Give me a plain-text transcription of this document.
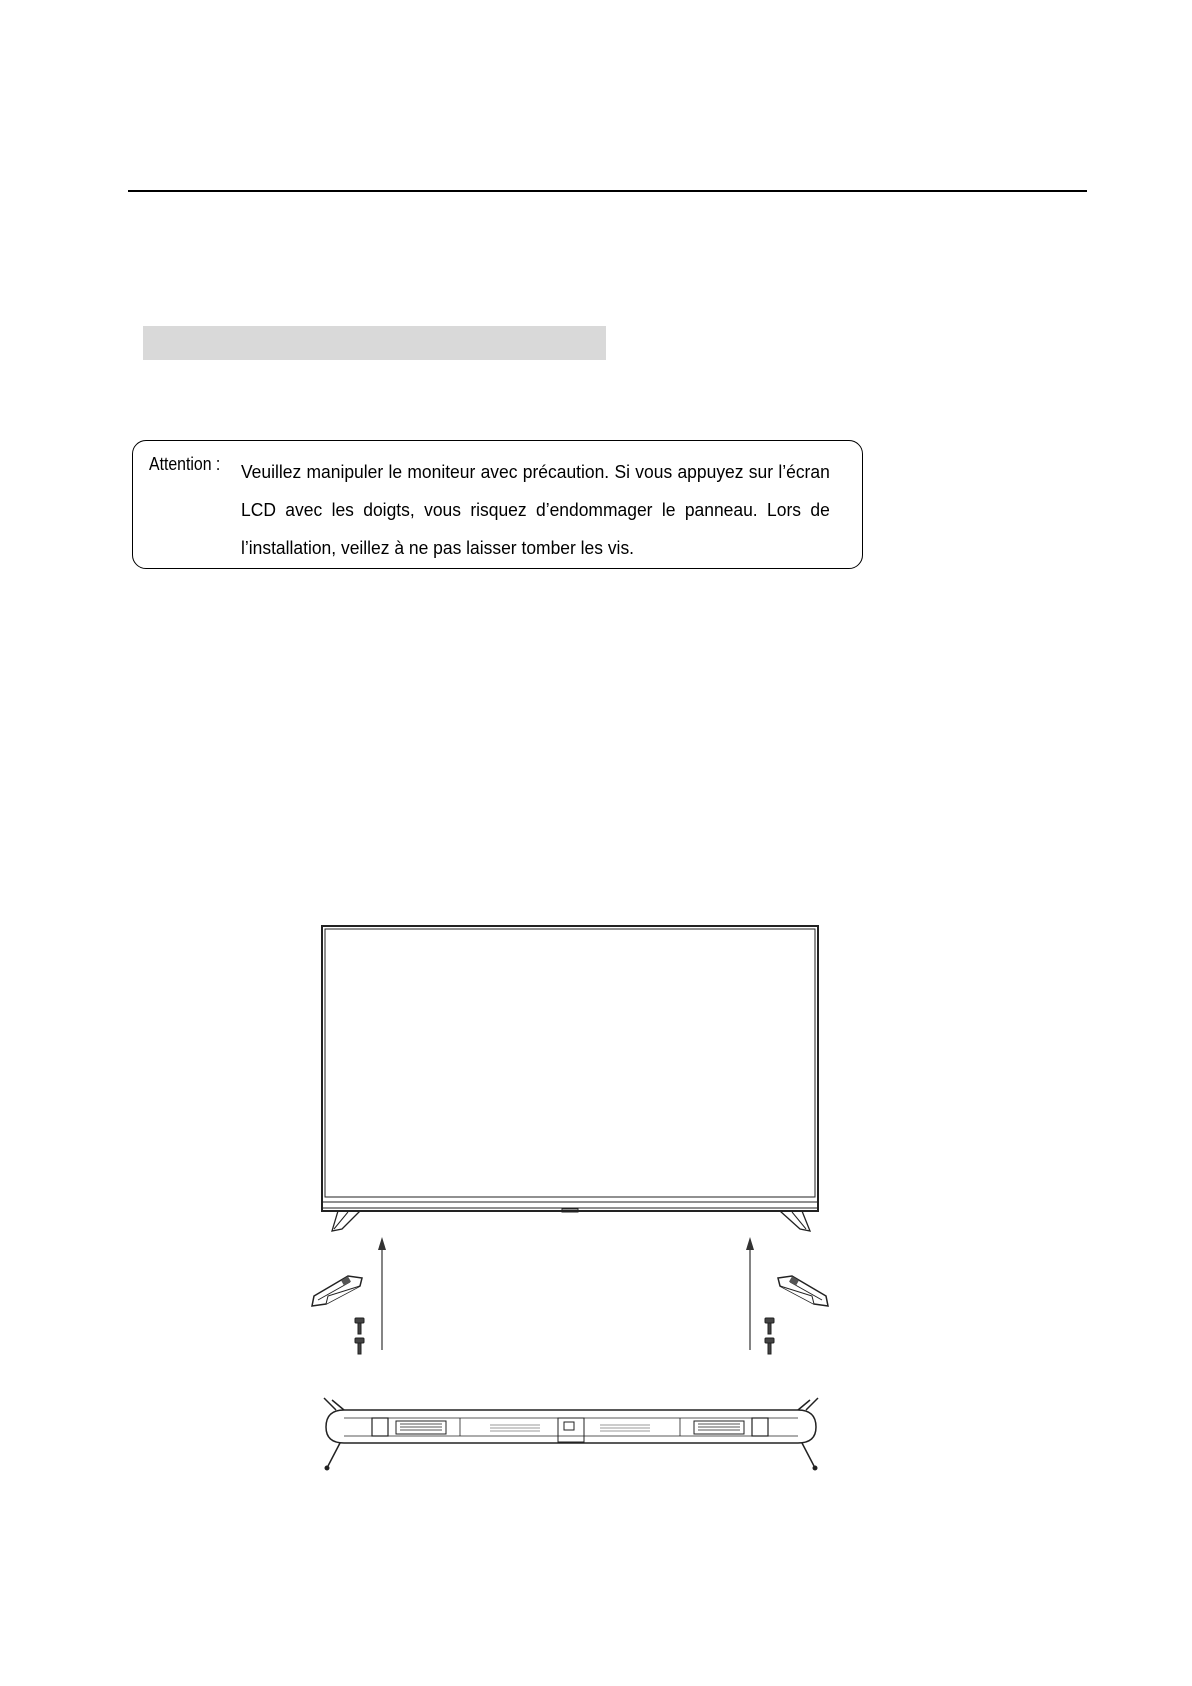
Attention : Veuillez manipuler le moniteur avec précaution. Si vous appuyez sur l’écran
LCD avec les doigts, vous risquez d’endommager le panneau. Lors de
l’installation, veillez à ne pas laisser tomber les vis.
